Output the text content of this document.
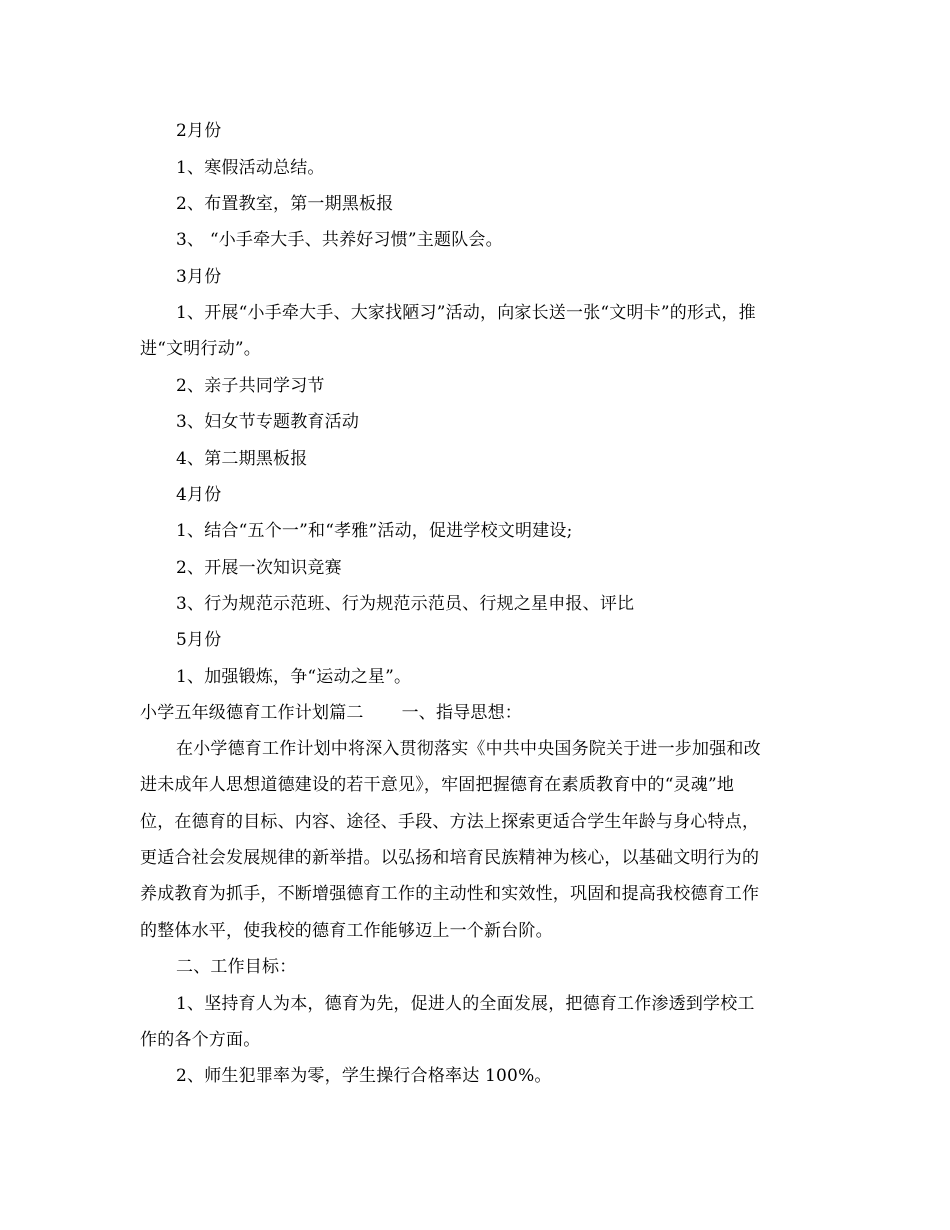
2月份
1、寒假活动总结。
2、布置教室，第一期黑板报
3、 “小手牵大手、共养好习惯”主题队会。
3月份
1、开展“小手牵大手、大家找陋习”活动，向家长送一张“文明卡”的形式，推
进“文明行动”。
2、亲子共同学习节
3、妇女节专题教育活动
4、第二期黑板报
4月份
1、结合“五个一”和“孝雅”活动，促进学校文明建设;
2、开展一次知识竞赛
3、行为规范示范班、行为规范示范员、行规之星申报、评比
5月份
1、加强锻炼，争“运动之星”。
小学五年级德育工作计划篇二 一、指导思想：
在小学德育工作计划中将深入贯彻落实《中共中央国务院关于进一步加强和改
进未成年人思想道德建设的若干意见》，牢固把握德育在素质教育中的“灵魂”地
位，在德育的目标、内容、途径、手段、方法上探索更适合学生年龄与身心特点，
更适合社会发展规律的新举措。以弘扬和培育民族精神为核心，以基础文明行为的
养成教育为抓手，不断增强德育工作的主动性和实效性，巩固和提高我校德育工作
的整体水平，使我校的德育工作能够迈上一个新台阶。
二、工作目标：
1、坚持育人为本，德育为先，促进人的全面发展，把德育工作渗透到学校工
作的各个方面。
2、师生犯罪率为零，学生操行合格率达 100%。
